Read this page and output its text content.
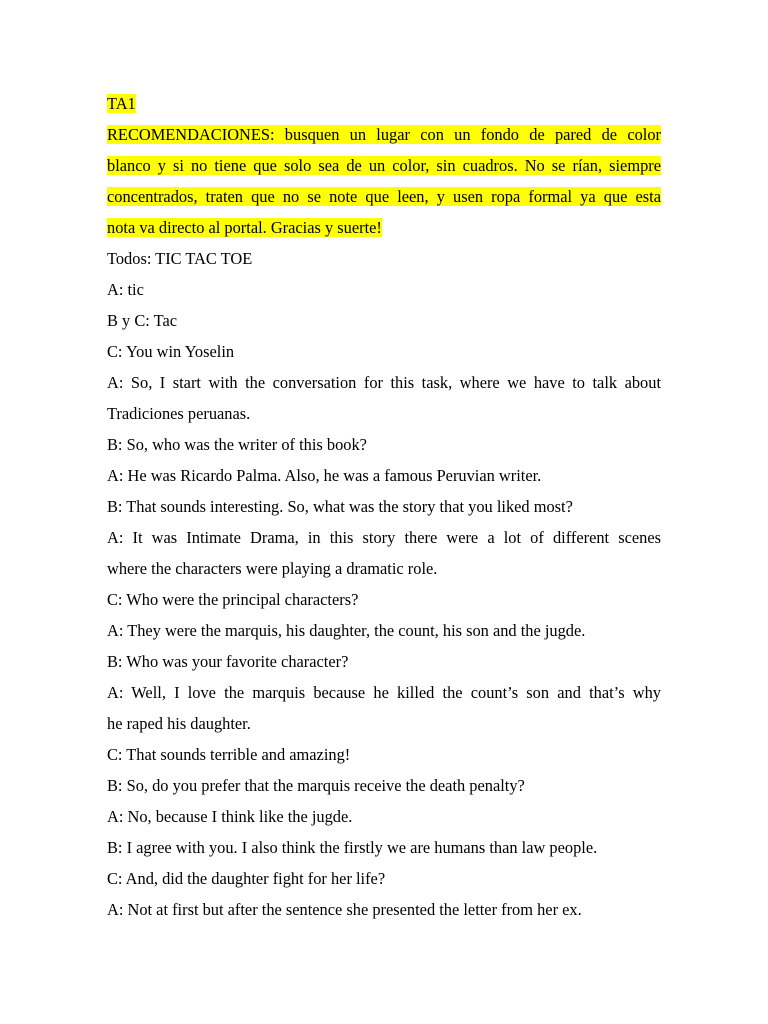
TA1
RECOMENDACIONES: busquen un lugar con un fondo de pared de color
blanco y si no tiene que solo sea de un color, sin cuadros. No se rían, siempre
concentrados, traten que no se note que leen, y usen ropa formal ya que esta
nota va directo al portal. Gracias y suerte!
Todos: TIC TAC TOE
A: tic
B y C: Tac
C: You win Yoselin
A: So, I start with the conversation for this task, where we have to talk about
Tradiciones peruanas.
B: So, who was the writer of this book?
A: He was Ricardo Palma. Also, he was a famous Peruvian writer.
B: That sounds interesting. So, what was the story that you liked most?
A: It was Intimate Drama, in this story there were a lot of different scenes
where the characters were playing a dramatic role.
C: Who were the principal characters?
A: They were the marquis, his daughter, the count, his son and the jugde.
B: Who was your favorite character?
A: Well, I love the marquis because he killed the count’s son and that’s why
he raped his daughter.
C: That sounds terrible and amazing!
B: So, do you prefer that the marquis receive the death penalty?
A: No, because I think like the jugde.
B: I agree with you. I also think the firstly we are humans than law people.
C: And, did the daughter fight for her life?
A: Not at first but after the sentence she presented the letter from her ex.
